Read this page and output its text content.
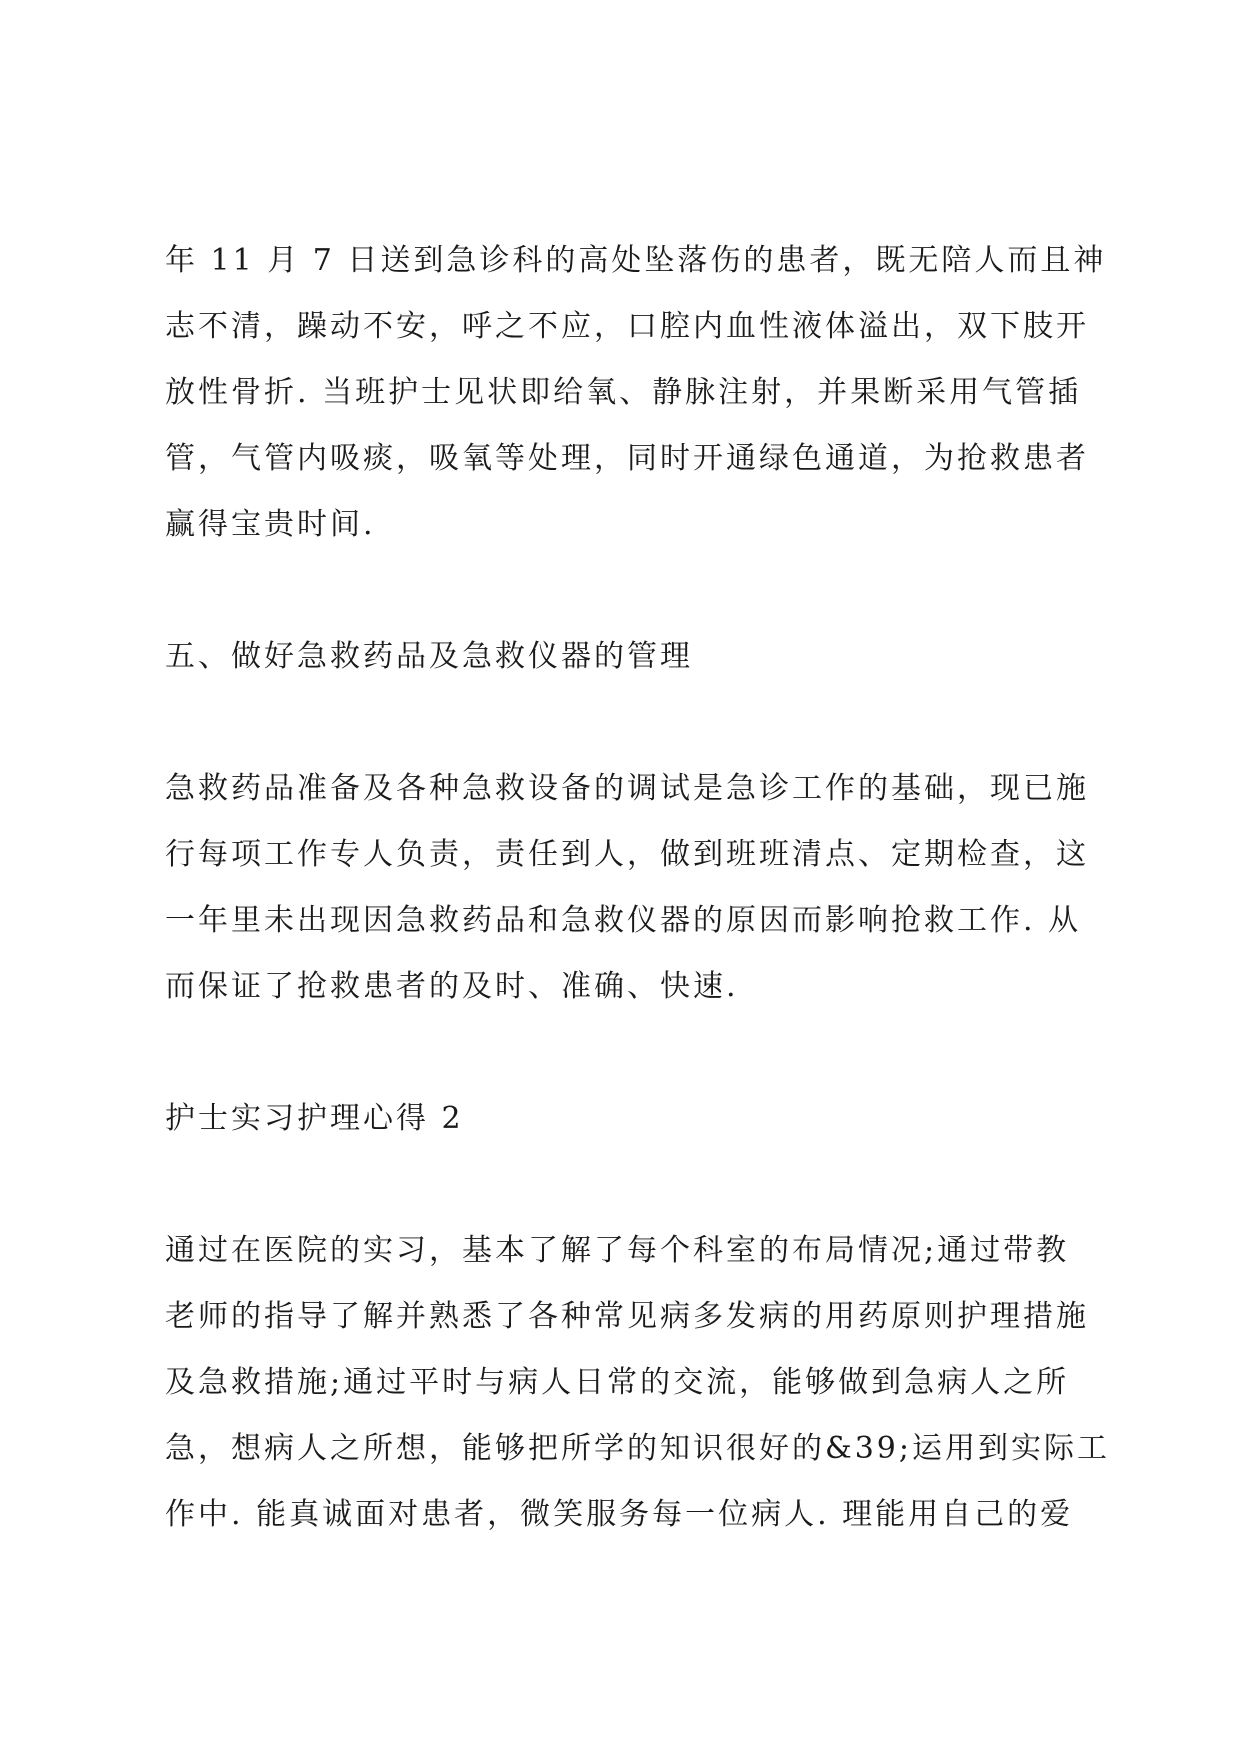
年 11 月 7 日送到急诊科的高处坠落伤的患者，既无陪人而且神
志不清，躁动不安，呼之不应，口腔内血性液体溢出，双下肢开
放性骨折. 当班护士见状即给氧、静脉注射，并果断采用气管插
管，气管内吸痰，吸氧等处理，同时开通绿色通道，为抢救患者
赢得宝贵时间.
五、做好急救药品及急救仪器的管理
急救药品准备及各种急救设备的调试是急诊工作的基础，现已施
行每项工作专人负责，责任到人，做到班班清点、定期检查，这
一年里未出现因急救药品和急救仪器的原因而影响抢救工作. 从
而保证了抢救患者的及时、准确、快速.
护士实习护理心得 2
通过在医院的实习，基本了解了每个科室的布局情况;通过带教
老师的指导了解并熟悉了各种常见病多发病的用药原则护理措施
及急救措施;通过平时与病人日常的交流，能够做到急病人之所
急，想病人之所想，能够把所学的知识很好的&39;运用到实际工
作中. 能真诚面对患者，微笑服务每一位病人. 理能用自己的爱
